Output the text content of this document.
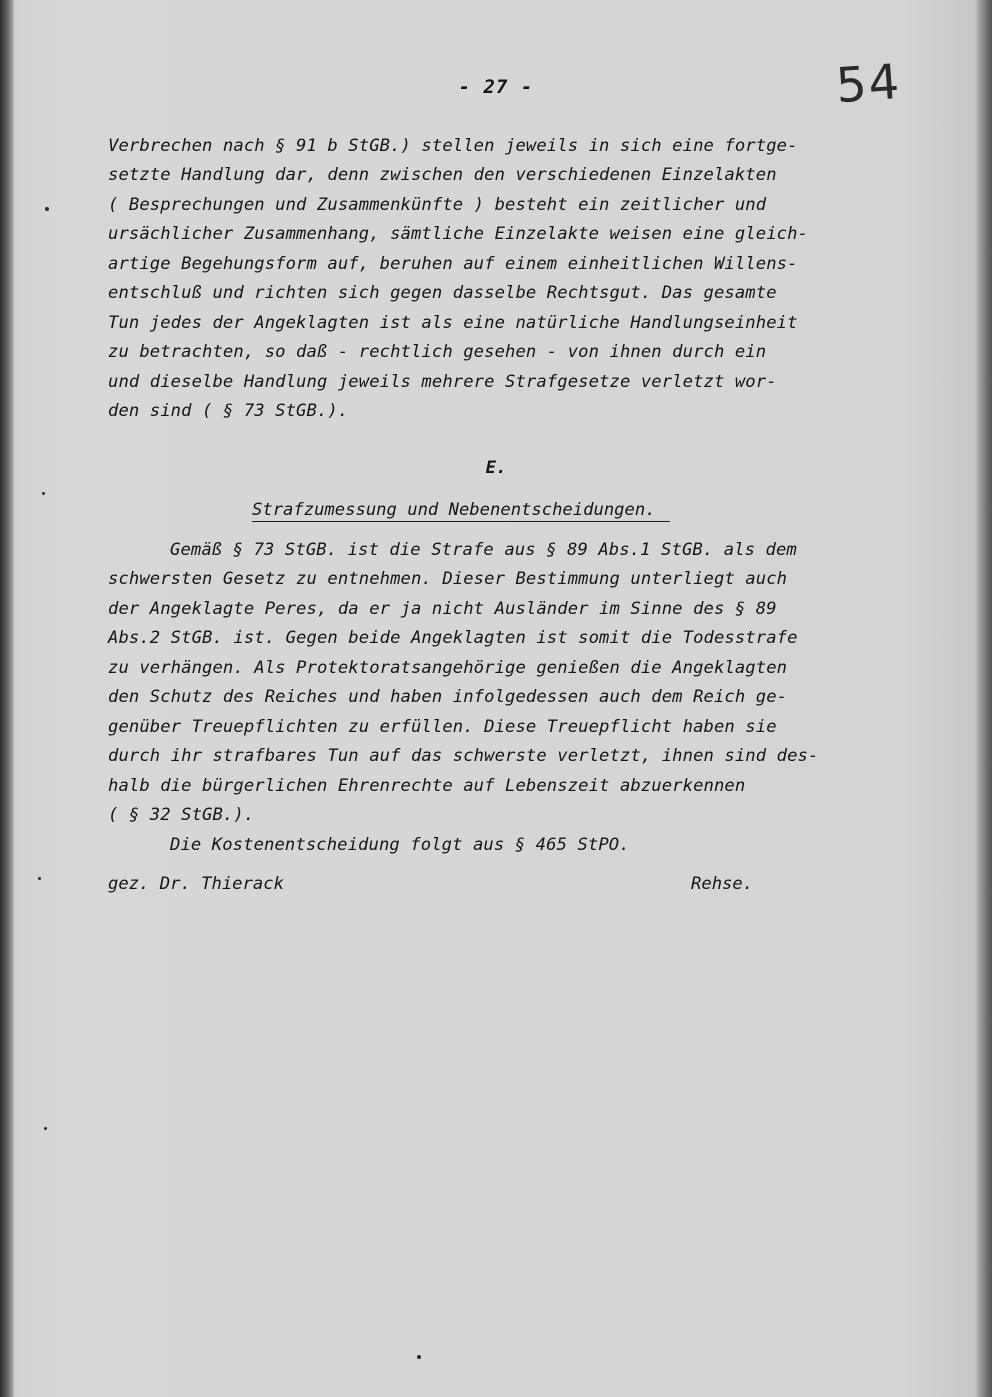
- 27 -	54
Verbrechen nach § 91 b StGB.) stellen jeweils in sich eine fortge-
setzte Handlung dar, denn zwischen den verschiedenen Einzelakten
( Besprechungen und Zusammenkünfte ) besteht ein zeitlicher und
ursächlicher Zusammenhang, sämtliche Einzelakte weisen eine gleich-
artige Begehungsform auf, beruhen auf einem einheitlichen Willens-
entschluß und richten sich gegen dasselbe Rechtsgut. Das gesamte
Tun jedes der Angeklagten ist als eine natürliche Handlungseinheit
zu betrachten, so daß - rechtlich gesehen - von ihnen durch ein
und dieselbe Handlung jeweils mehrere Strafgesetze verletzt wor-
den sind ( § 73 StGB.).
E.
Strafzumessung und Nebenentscheidungen.
Gemäß § 73 StGB. ist die Strafe aus § 89 Abs.1 StGB. als dem
schwersten Gesetz zu entnehmen. Dieser Bestimmung unterliegt auch
der Angeklagte Peres, da er ja nicht Ausländer im Sinne des § 89
Abs.2 StGB. ist. Gegen beide Angeklagten ist somit die Todesstrafe
zu verhängen. Als Protektoratsangehörige genießen die Angeklagten
den Schutz des Reiches und haben infolgedessen auch dem Reich ge-
genüber Treuepflichten zu erfüllen. Diese Treuepflicht haben sie
durch ihr strafbares Tun auf das schwerste verletzt, ihnen sind des-
halb die bürgerlichen Ehrenrechte auf Lebenszeit abzuerkennen
( § 32 StGB.).
Die Kostenentscheidung folgt aus § 465 StPO.
gez. Dr. Thierack	Rehse.
